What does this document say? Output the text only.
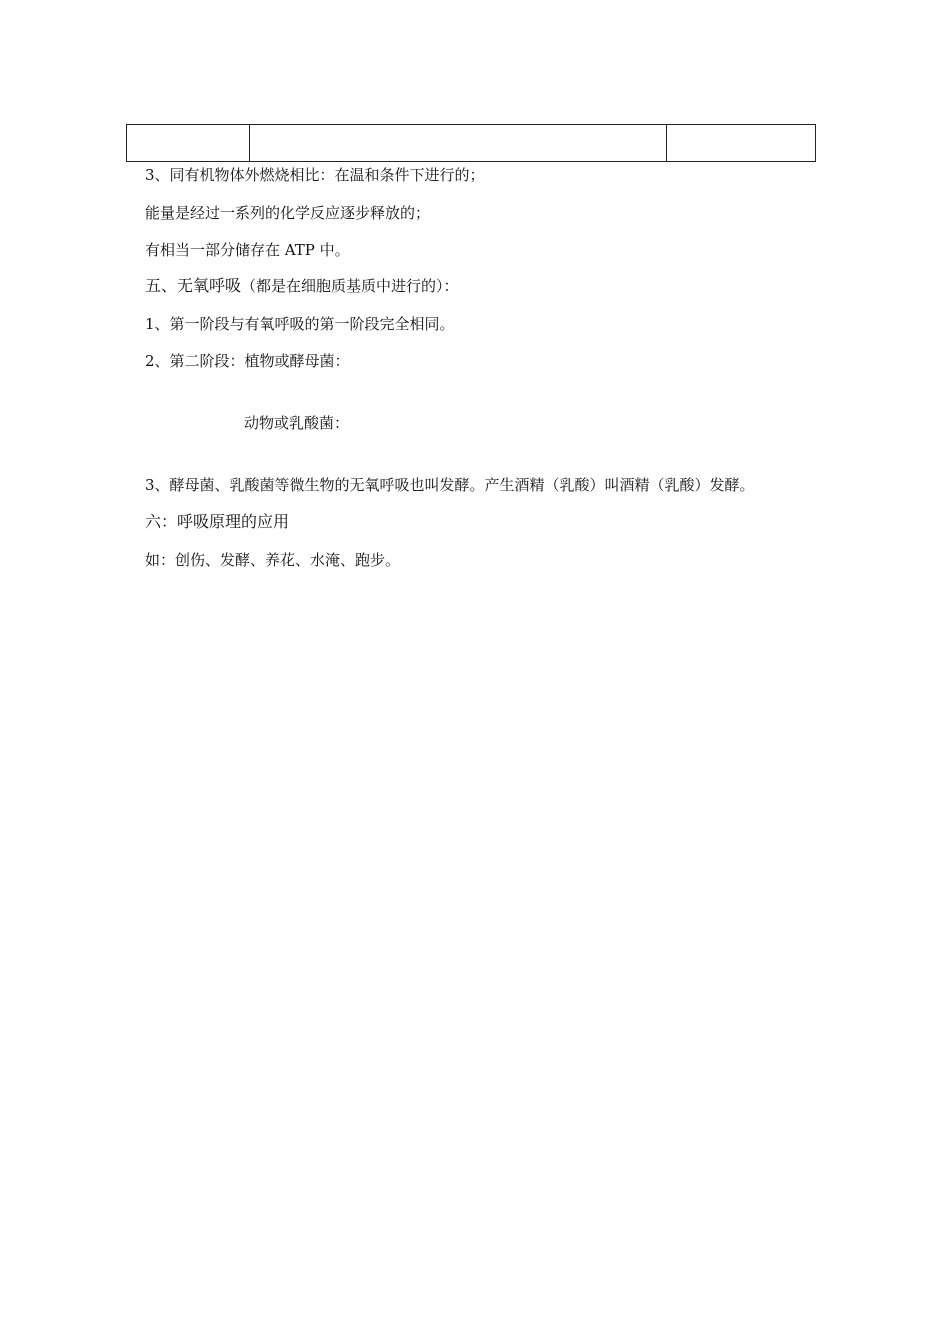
3、同有机物体外燃烧相比：在温和条件下进行的；
能量是经过一系列的化学反应逐步释放的；
有相当一部分储存在 ATP 中。
五、无氧呼吸（都是在细胞质基质中进行的）：
1、第一阶段与有氧呼吸的第一阶段完全相同。
2、第二阶段：植物或酵母菌：
动物或乳酸菌：
3、酵母菌、乳酸菌等微生物的无氧呼吸也叫发酵。产生酒精（乳酸）叫酒精（乳酸）发酵。
六：呼吸原理的应用
如：创伤、发酵、养花、水淹、跑步。
